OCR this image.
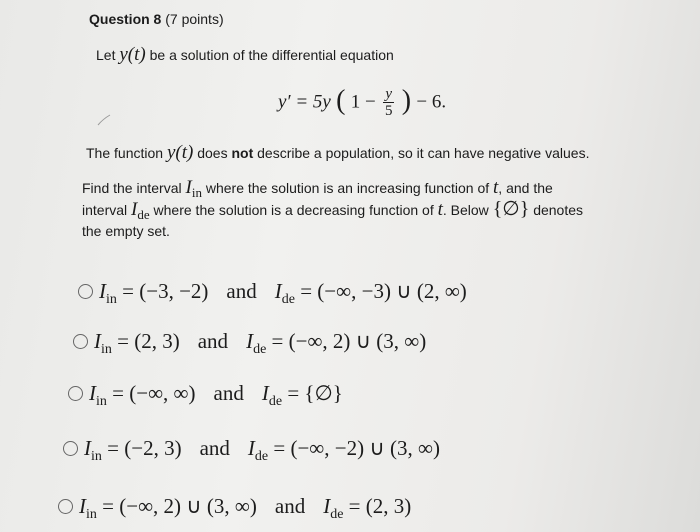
Question 8 (7 points)
Let y(t) be a solution of the differential equation
y′ = 5y ( $1 - \frac{y}{5}$ ) − 6.
The function y(t) does not describe a population, so it can have negative values.
Find the interval Iin where the solution is an increasing function of t, and the
interval Ide where the solution is a decreasing function of t. Below {∅} denotes
the empty set.
$I_{in} = (-3$, −2) and $I_{de}$ = (−∞, −3) ∪ (2, ∞)
$I_{in} = (2$, 3) and $I_{de}$ = (−∞, 2) ∪ (3, ∞)
$I_{in}$ = (−∞, ∞) and $I_{de}$ = {∅}
$I_{in} = (-2$, 3) and $I_{de}$ = (−∞, −2) ∪ (3, ∞)
$I_{in}$ = (−∞, 2) ∪ (3, ∞) and $I_{de} = (2$, 3)
